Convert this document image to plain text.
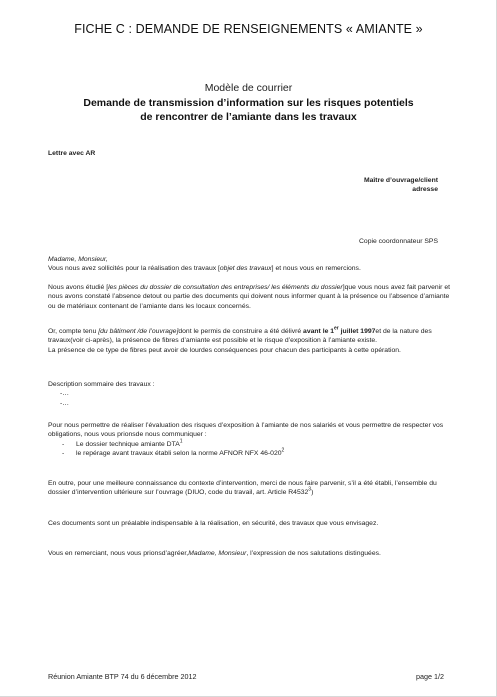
FICHE C : DEMANDE DE RENSEIGNEMENTS « AMIANTE »
Modèle de courrier
Demande de transmission d’information sur les risques potentiels
de rencontrer de l’amiante dans les travaux
Lettre avec AR
Maître d’ouvrage/client
adresse
Copie coordonnateur SPS

Madame, Monsieur,

Vous nous avez sollicités pour la réalisation des travaux [objet des travaux] et nous vous en remercions.

Nous avons étudié [les pièces du dossier de consultation des entreprises/ les éléments du dossier]que vous nous avez fait parvenir et nous avons constaté l’absence detout ou partie des documents qui doivent nous informer quant à la présence ou l’absence d’amiante ou de matériaux contenant de l’amiante dans les locaux concernés.

Or, compte tenu [du bâtiment /de l’ouvrage]dont le permis de construire a été délivré avant le 1er juillet 1997et de la nature des travaux(voir ci-après), la présence de fibres d’amiante est possible et le risque d’exposition à l’amiante existe.

La présence de ce type de fibres peut avoir de lourdes conséquences pour chacun des participants à cette opération.

Description sommaire des travaux :

-…

-…

Pour nous permettre de réaliser l’évaluation des risques d’exposition à l’amiante de nos salariés et vous permettre de respecter vos obligations, nous vous prionsde nous communiquer :

- Le dossier technique amiante DTA$^1$
- le repérage avant travaux établi selon la norme AFNOR NFX $46-020^2$

En outre, pour une meilleure connaissance du contexte d’intervention, merci de nous faire parvenir, s’il a été établi, l’ensemble du dossier d’intervention ultérieure sur l’ouvrage (DIUO, code du travail, art. Article R4532$^3$)

Ces documents sont un préalable indispensable à la réalisation, en sécurité, des travaux que vous envisagez.

Vous en remerciant, nous vous prionsd’agréer,Madame, Monsieur, l’expression de nos salutations distinguées.

Réunion Amiante BTP 74 du 6 décembre 2012	page 1/2
